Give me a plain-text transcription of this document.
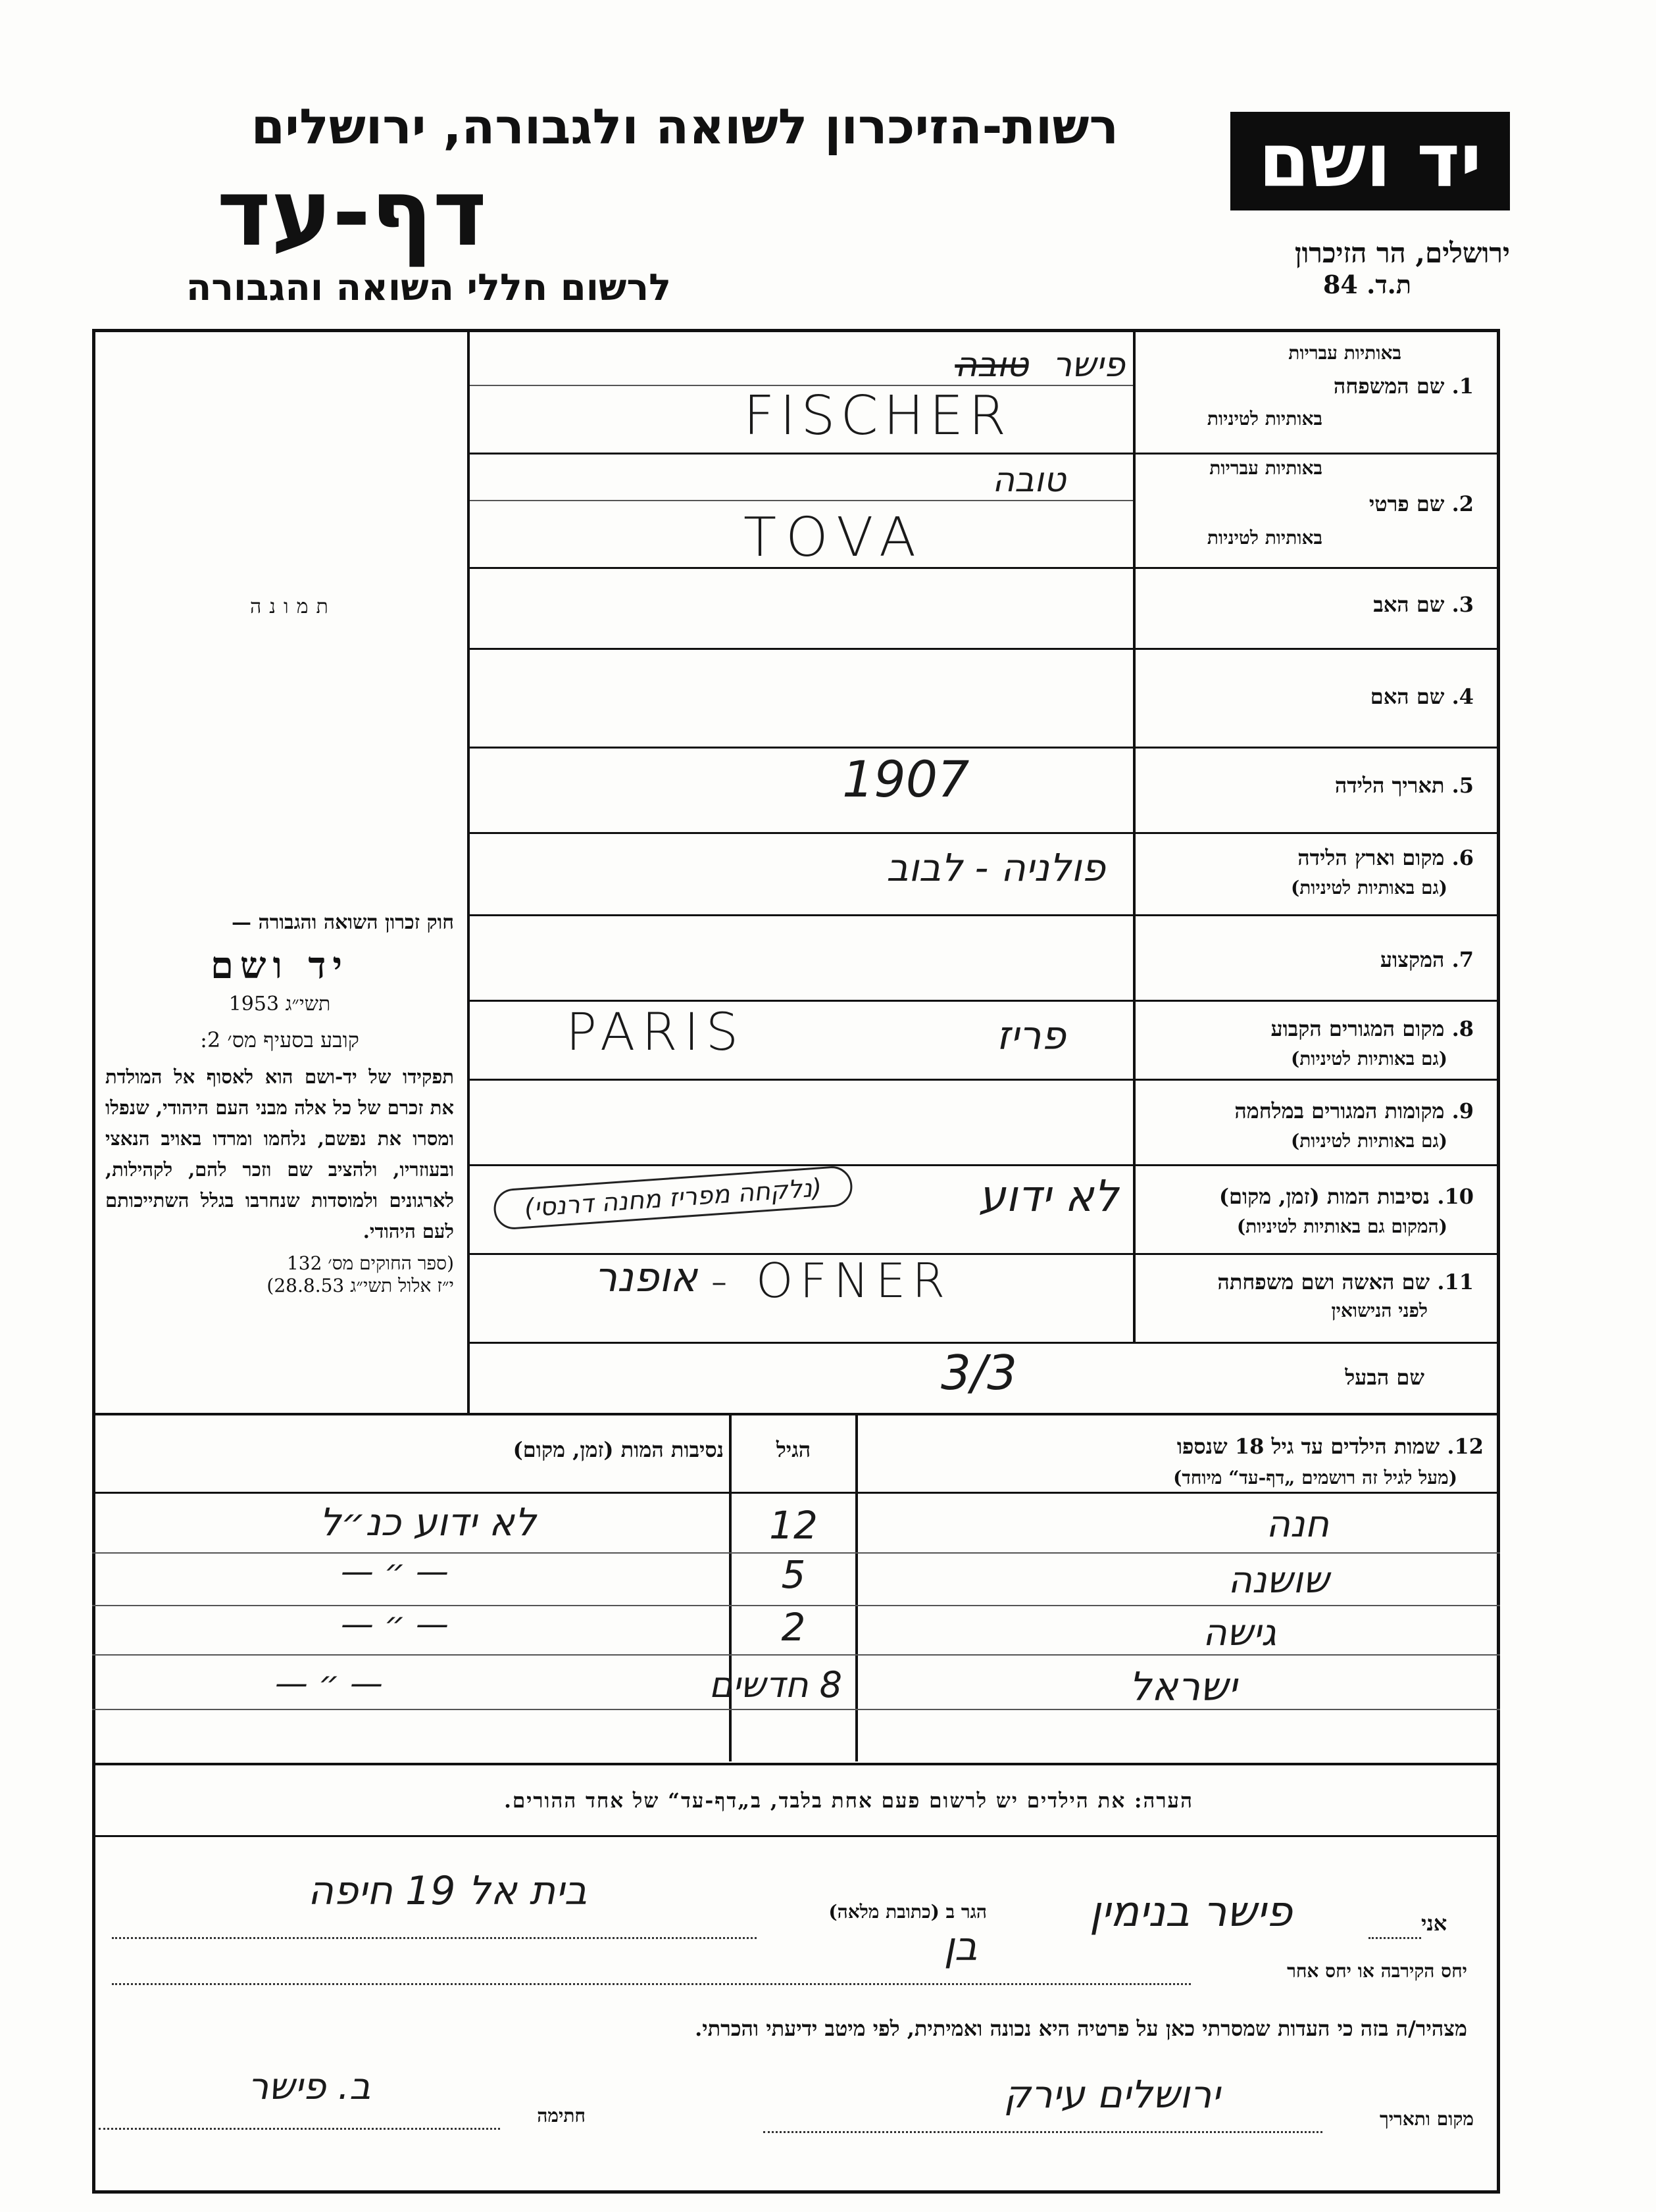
רשות-הזיכרון לשואה ולגבורה, ירושלים
דף-עד
לרשום חללי השואה והגבורה
יד ושם
ירושלים, הר הזיכרון
ת.ד. 84
תמונה
חוק זכרון השואה והגבורה —
יד ושם
תשי״ג 1953
קובע בסעיף מס׳ 2:
תפקידו של יד-ושם הוא לאסוף אל המולדת את זכרם של כל אלה מבני העם היהודי, שנפלו ומסרו את נפשם, נלחמו ומרדו באויב הנאצי ובעוזריו, ולהציב שם וזכר להם, לקהילות, לארגונים ולמוסדות שנחרבו בגלל השתייכותם לעם היהודי.
(ספר החוקים מס׳ 132
י״ז אלול תשי״ג 28.8.53)
באותיות עבריות
1. שם המשפחה
באותיות לטיניות
באותיות עבריות
2. שם פרטי
באותיות לטיניות
3. שם האב
4. שם האם
5. תאריך הלידה
6. מקום וארץ הלידה
(גם באותיות לטיניות)
7. המקצוע
8. מקום המגורים הקבוע
(גם באותיות לטיניות)
9. מקומות המגורים במלחמה
(גם באותיות לטיניות)
10. נסיבות המות (זמן, מקום)
(המקום גם באותיות לטיניות)
11. שם האשה ושם משפחתה
לפני הנישואין
שם הבעל
פישר טובה
FISCHER
טובה
TOVA
1907
פולניה - לבוב
PARIS	פריז
לא ידוע
(נלקחה מפריז מחנה דרנסי)
אופנר - OFNER
3/3
12. שמות הילדים עד גיל 18 שנספו
(מעל לגיל זה רושמים „דף-עד“ מיוחד)
הגיל
נסיבות המות (זמן, מקום)
חנה
12
לא ידוע כנ״ל
שושנה
5
— ״ —
גישה
2
— ״ —
ישראל
8 חדשים
— ״ —
הערה: את הילדים יש לרשום פעם אחת בלבד, ב„דף-עד“ של אחד ההורים.
אני
פישר בנימין
הגר ב (כתובת מלאה)
בית אל 19 חיפה
יחס הקירבה או יחס אחר
בן
מצהיר/ה בזה כי העדות שמסרתי כאן על פרטיה היא נכונה ואמיתית, לפי מיטב ידיעתי והכרתי.
מקום ותאריך
ירושלים עירק
חתימה
ב. פישר
